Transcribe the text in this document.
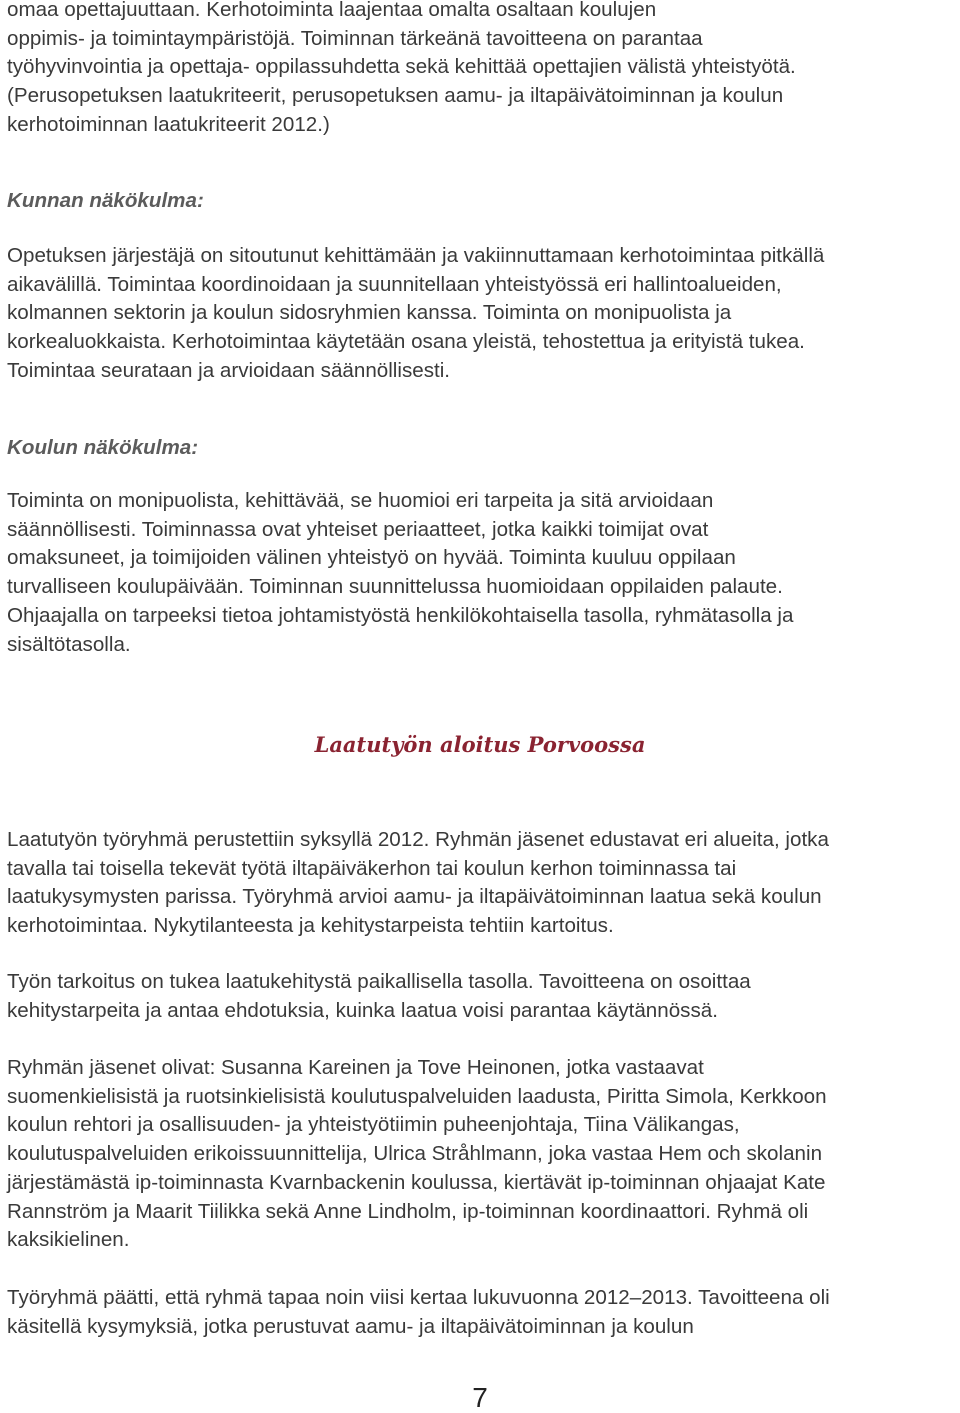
omaa opettajuuttaan. Kerhotoiminta laajentaa omalta osaltaan koulujen
oppimis- ja toimintaympäristöjä. Toiminnan tärkeänä tavoitteena on parantaa
työhyvinvointia ja opettaja- oppilassuhdetta sekä kehittää opettajien välistä yhteistyötä.
(Perusopetuksen laatukriteerit, perusopetuksen aamu- ja iltapäivätoiminnan ja koulun
kerhotoiminnan laatukriteerit 2012.)

Kunnan näkökulma:

Opetuksen järjestäjä on sitoutunut kehittämään ja vakiinnuttamaan kerhotoimintaa pitkällä
aikavälillä. Toimintaa koordinoidaan ja suunnitellaan yhteistyössä eri hallintoalueiden,
kolmannen sektorin ja koulun sidosryhmien kanssa. Toiminta on monipuolista ja
korkealuokkaista. Kerhotoimintaa käytetään osana yleistä, tehostettua ja erityistä tukea.
Toimintaa seurataan ja arvioidaan säännöllisesti.

Koulun näkökulma:

Toiminta on monipuolista, kehittävää, se huomioi eri tarpeita ja sitä arvioidaan
säännöllisesti. Toiminnassa ovat yhteiset periaatteet, jotka kaikki toimijat ovat
omaksuneet, ja toimijoiden välinen yhteistyö on hyvää. Toiminta kuuluu oppilaan
turvalliseen koulupäivään. Toiminnan suunnittelussa huomioidaan oppilaiden palaute.
Ohjaajalla on tarpeeksi tietoa johtamistyöstä henkilökohtaisella tasolla, ryhmätasolla ja
sisältötasolla.

Laatutyön aloitus Porvoossa

Laatutyön työryhmä perustettiin syksyllä 2012. Ryhmän jäsenet edustavat eri alueita, jotka
tavalla tai toisella tekevät työtä iltapäiväkerhon tai koulun kerhon toiminnassa tai
laatukysymysten parissa. Työryhmä arvioi aamu- ja iltapäivätoiminnan laatua sekä koulun
kerhotoimintaa. Nykytilanteesta ja kehitystarpeista tehtiin kartoitus.

Työn tarkoitus on tukea laatukehitystä paikallisella tasolla. Tavoitteena on osoittaa
kehitystarpeita ja antaa ehdotuksia, kuinka laatua voisi parantaa käytännössä.

Ryhmän jäsenet olivat: Susanna Kareinen ja Tove Heinonen, jotka vastaavat
suomenkielisistä ja ruotsinkielisistä koulutuspalveluiden laadusta, Piritta Simola, Kerkkoon
koulun rehtori ja osallisuuden- ja yhteistyötiimin puheenjohtaja, Tiina Välikangas,
koulutuspalveluiden erikoissuunnittelija, Ulrica Stråhlmann, joka vastaa Hem och skolanin
järjestämästä ip-toiminnasta Kvarnbackenin koulussa, kiertävät ip-toiminnan ohjaajat Kate
Rannström ja Maarit Tiilikka sekä Anne Lindholm, ip-toiminnan koordinaattori. Ryhmä oli
kaksikielinen.

Työryhmä päätti, että ryhmä tapaa noin viisi kertaa lukuvuonna 2012–2013. Tavoitteena oli
käsitellä kysymyksiä, jotka perustuvat aamu- ja iltapäivätoiminnan ja koulun

7
